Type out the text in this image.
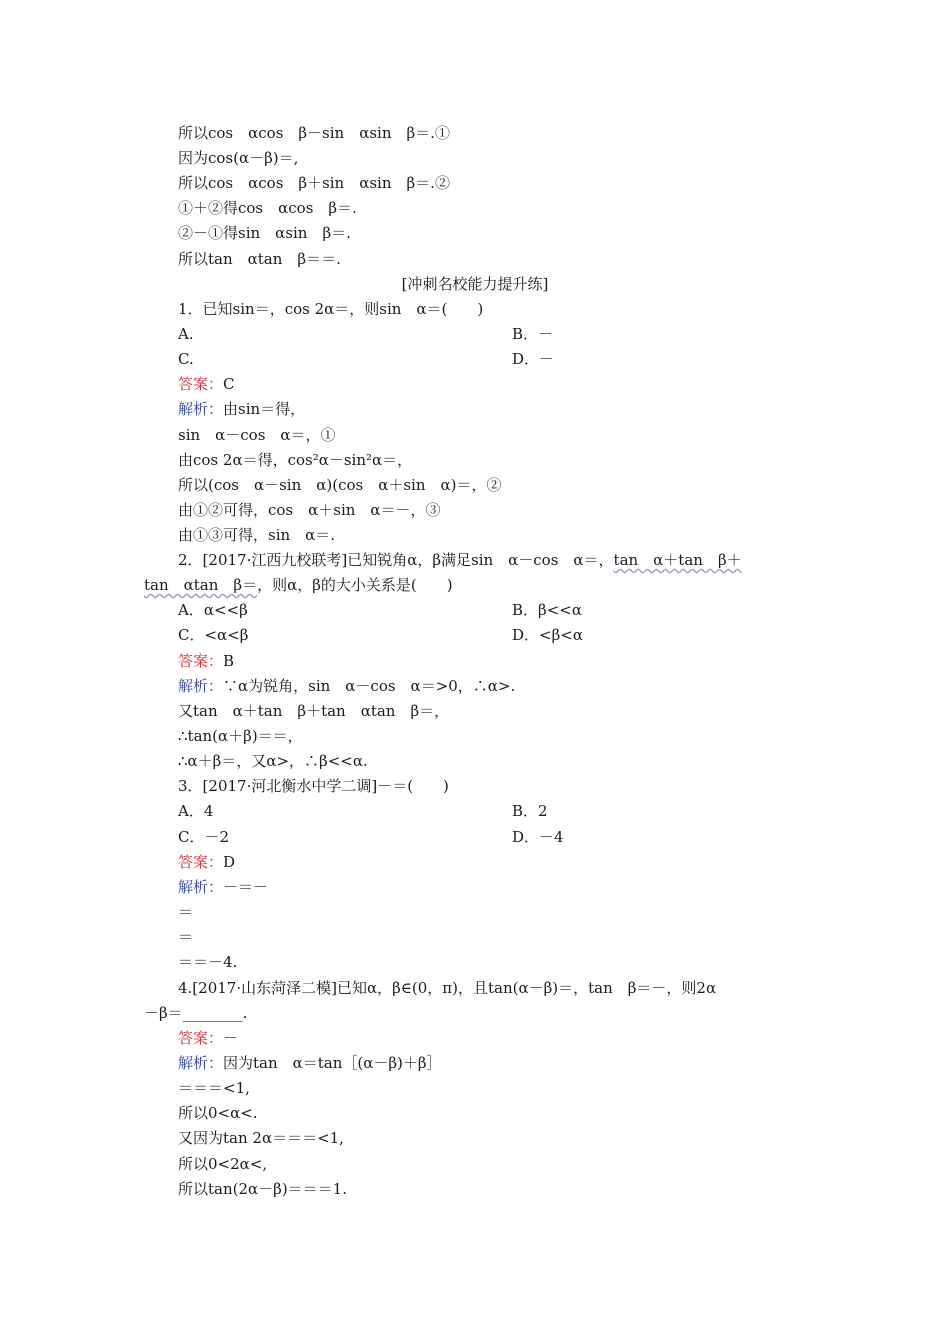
所以cos　αcos　β－sin　αsin　β＝.①
因为cos(α－β)＝,
所以cos　αcos　β＋sin　αsin　β＝.②
①＋②得cos　αcos　β＝.
②－①得sin　αsin　β＝.
所以tan　αtan　β＝＝.
[冲刺名校能力提升练]
1．已知sin＝，cos 2α＝，则sin　α＝(　　)
A.	B．－
C.	D．－
答案：C
解析：由sin＝得，
sin　α－cos　α＝，①
由cos 2α＝得，cos²α－sin²α＝，
所以(cos　α－sin　α)(cos　α＋sin　α)＝，②
由①②可得，cos　α＋sin　α＝－，③
由①③可得，sin　α＝.
2．[2017·江西九校联考]已知锐角α，β满足sin　α－cos　α＝，tan　α＋tan　β＋
tan　αtan　β＝，则α，β的大小关系是(　　)
A．α<<β	B．β<<α
C．<α<β	D．<β<α
答案：B
解析：∵α为锐角，sin　α－cos　α＝>0，∴α>.
又tan　α＋tan　β＋tan　αtan　β＝，
∴tan(α＋β)＝＝，
∴α＋β＝，又α>，∴β<<α.
3．[2017·河北衡水中学二调]－＝(　　)
A．4	B．2
C．－2	D．－4
答案：D
解析：－＝－
＝
＝
＝＝－4.
4.[2017·山东菏泽二模]已知α，β∈(0，π)，且tan(α－β)＝，tan　β＝－，则2α
－β＝________.
答案：－
解析：因为tan　α＝tan［(α－β)＋β］
＝＝＝<1,
所以0<α<.
又因为tan 2α＝＝＝<1,
所以0<2α<,
所以tan(2α－β)＝＝＝1.
